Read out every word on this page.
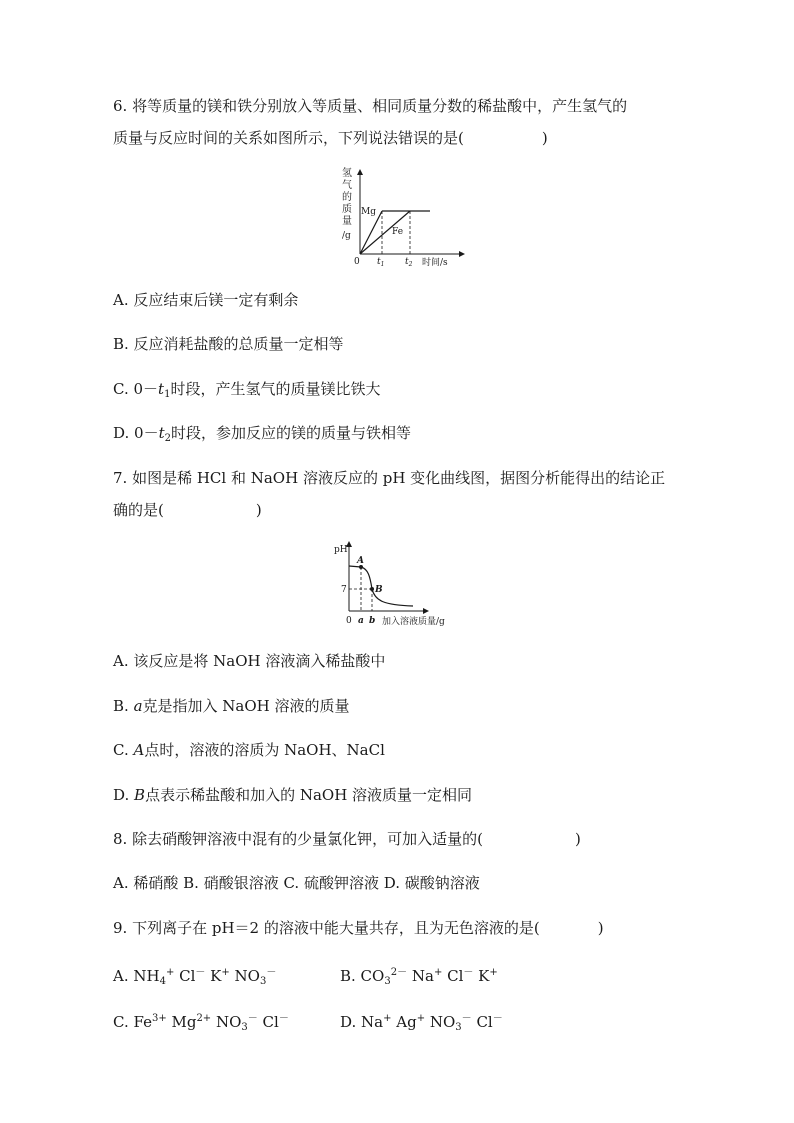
6. 将等质量的镁和铁分别放入等质量、相同质量分数的稀盐酸中，产生氢气的
质量与反应时间的关系如图所示，下列说法错误的是(	)
氢
气
的
质
量
/g
Mg
Fe
0 $t_1$ $t_2$ 时间/s
A. 反应结束后镁一定有剩余
B. 反应消耗盐酸的总质量一定相等
C. $0-t_1$时段，产生氢气的质量镁比铁大
D. $0-t_2$时段，参加反应的镁的质量与铁相等
7. 如图是稀 HCl 和 NaOH 溶液反应的 pH 变化曲线图，据图分析能得出的结论正
确的是(	)
pH
7
A
B
0 a b 加入溶液质量/g
A. 该反应是将 NaOH 溶液滴入稀盐酸中
B. a克是指加入 NaOH 溶液的质量
C. A点时，溶液的溶质为 NaOH、NaCl
D. B点表示稀盐酸和加入的 NaOH 溶液质量一定相同
8. 除去硝酸钾溶液中混有的少量氯化钾，可加入适量的(	)
A. 稀硝酸 B. 硝酸银溶液 C. 硫酸钾溶液 D. 碳酸钠溶液
9. 下列离子在 pH＝2 的溶液中能大量共存，且为无色溶液的是(	)
A. $NH_4^+$ Cl－ K+ $NO_3^-$	B. $CO_3^{2-}$ Na+ Cl－ K+
C. $Fe^{3+}$ $Mg^{2+}$ $NO_3^-$ Cl－	D. Na+ Ag+ $NO_3^-$ Cl－
